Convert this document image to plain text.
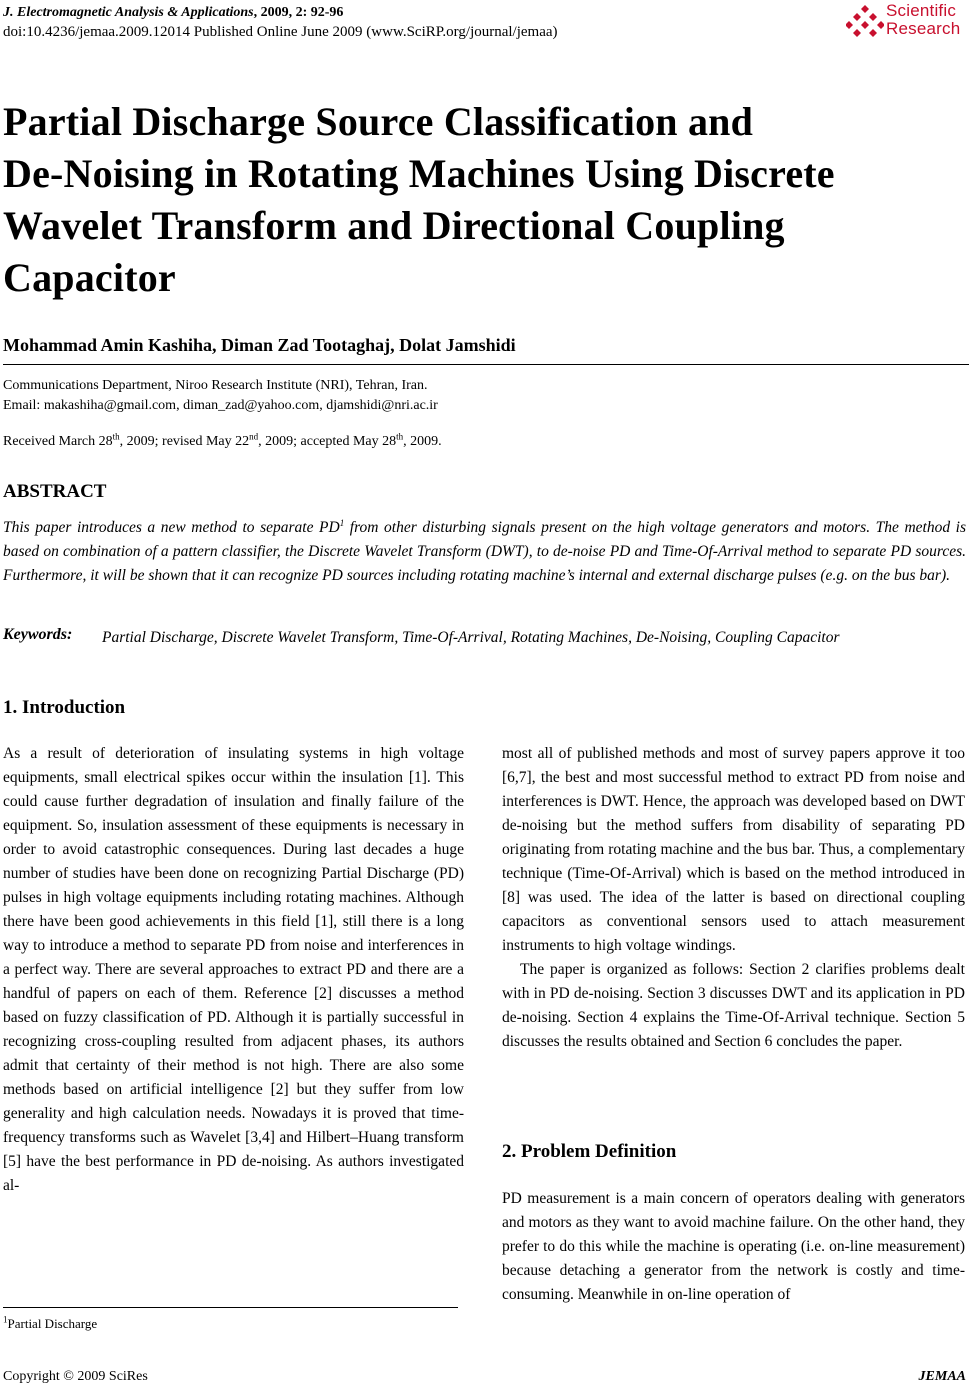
J. Electromagnetic Analysis & Applications, 2009, 2: 92-96
doi:10.4236/jemaa.2009.12014 Published Online June 2009 (www.SciRP.org/journal/jemaa)
Scientific
Research
Partial Discharge Source Classification and
De-Noising in Rotating Machines Using Discrete
Wavelet Transform and Directional Coupling
Capacitor
Mohammad Amin Kashiha, Diman Zad Tootaghaj, Dolat Jamshidi
Communications Department, Niroo Research Institute (NRI), Tehran, Iran.
Email: makashiha@gmail.com, diman_zad@yahoo.com, djamshidi@nri.ac.ir
Received March 28th, 2009; revised May 22nd, 2009; accepted May 28th, 2009.
ABSTRACT
This paper introduces a new method to separate $PD^1$ from other disturbing signals present on the high voltage generators and motors. The method is based on combination of a pattern classifier, the Discrete Wavelet Transform (DWT), to de-noise PD and Time-Of-Arrival method to separate PD sources. Furthermore, it will be shown that it can recognize PD sources including rotating machine’s internal and external discharge pulses (e.g. on the bus bar).
Keywords: Partial Discharge, Discrete Wavelet Transform, Time-Of-Arrival, Rotating Machines, De-Noising, Coupling Capacitor
1. Introduction

As a result of deterioration of insulating systems in high voltage equipments, small electrical spikes occur within the insulation [1]. This could cause further degradation of insulation and finally failure of the equipment. So, insulation assessment of these equipments is necessary in order to avoid catastrophic consequences. During last decades a huge number of studies have been done on recognizing Partial Discharge (PD) pulses in high voltage equipments including rotating machines. Although there have been good achievements in this field [1], still there is a long way to introduce a method to separate PD from noise and interferences in a perfect way. There are several approaches to extract PD and there are a handful of papers on each of them. Reference [2] discusses a method based on fuzzy classification of PD. Although it is partially successful in recognizing cross-coupling resulted from adjacent phases, its authors admit that certainty of their method is not high. There are also some methods based on artificial intelligence [2] but they suffer from low generality and high calculation needs. Nowadays it is proved that time-frequency transforms such as Wavelet [3,4] and Hilbert–Huang transform [5] have the best performance in PD de-noising. As authors investigated al-

most all of published methods and most of survey papers approve it too [6,7], the best and most successful method to extract PD from noise and interferences is DWT. Hence, the approach was developed based on DWT de-noising but the method suffers from disability of separating PD originating from rotating machine and the bus bar. Thus, a complementary technique (Time-Of-Arrival) which is based on the method introduced in [8] was used. The idea of the latter is based on directional coupling capacitors as conventional sensors used to attach measurement instruments to high voltage windings.

The paper is organized as follows: Section 2 clarifies problems dealt with in PD de-noising. Section 3 discusses DWT and its application in PD de-noising. Section 4 explains the Time-Of-Arrival technique. Section 5 discusses the results obtained and Section 6 concludes the paper.

2. Problem Definition
PD measurement is a main concern of operators dealing with generators and motors as they want to avoid machine failure. On the other hand, they prefer to do this while the machine is operating (i.e. on-line measurement) because detaching a generator from the network is costly and time-consuming. Meanwhile in on-line operation of
$^1$Partial Discharge
Copyright © 2009 SciRes	JEMAA
